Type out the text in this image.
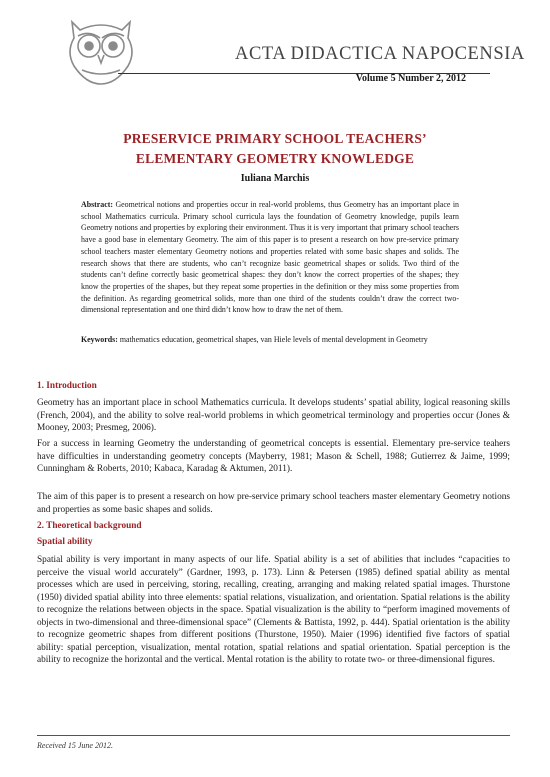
ACTA DIDACTICA NAPOCENSIA
Volume 5 Number 2, 2012
PRESERVICE PRIMARY SCHOOL TEACHERS’
ELEMENTARY GEOMETRY KNOWLEDGE
Iuliana Marchis
Abstract: Geometrical notions and properties occur in real-world problems, thus Geometry has an important place in school Mathematics curricula. Primary school curricula lays the foundation of Geometry knowledge, pupils learn Geometry notions and properties by exploring their environment. Thus it is very important that primary school teachers have a good base in elementary Geometry. The aim of this paper is to present a research on how pre-service primary school teachers master elementary Geometry notions and properties related with some basic shapes and solids. The research shows that there are students, who can’t recognize basic geometrical shapes or solids. Two third of the students can’t define correctly basic geometrical shapes: they don’t know the correct properties of the shapes; they know the properties of the shapes, but they repeat some properties in the definition or they miss some properties from the definition. As regarding geometrical solids, more than one third of the students couldn’t draw the correct two-dimensional representation and one third didn’t know how to draw the net of them.
Keywords: mathematics education, geometrical shapes, van Hiele levels of mental development in Geometry
1. Introduction
Geometry has an important place in school Mathematics curricula. It develops students’ spatial ability, logical reasoning skills (French, 2004), and the ability to solve real-world problems in which geometrical terminology and properties occur (Jones & Mooney, 2003; Presmeg, 2006).
For a success in learning Geometry the understanding of geometrical concepts is essential. Elementary pre-service teahers have difficulties in understanding geometry concepts (Mayberry, 1981; Mason & Schell, 1988; Gutierrez & Jaime, 1999; Cunningham & Roberts, 2010; Kabaca, Karadag & Aktumen, 2011).
The aim of this paper is to present a research on how pre-service primary school teachers master elementary Geometry notions and properties as some basic shapes and solids.
2. Theoretical background
Spatial ability
Spatial ability is very important in many aspects of our life. Spatial ability is a set of abilities that includes “capacities to perceive the visual world accurately” (Gardner, 1993, p. 173). Linn & Petersen (1985) defined spatial ability as mental processes which are used in perceiving, storing, recalling, creating, arranging and making related spatial images. Thurstone (1950) divided spatial ability into three elements: spatial relations, visualization, and orientation. Spatial relations is the ability to recognize the relations between objects in the space. Spatial visualization is the ability to “perform imagined movements of objects in two-dimensional and three-dimensional space” (Clements & Battista, 1992, p. 444). Spatial orientation is the ability to recognize geometric shapes from different positions (Thurstone, 1950). Maier (1996) identified five factors of spatial ability: spatial perception, visualization, mental rotation, spatial relations and spatial orientation. Spatial perception is the ability to recognize the horizontal and the vertical. Mental rotation is the ability to rotate two- or three-dimensional figures.
Received 15 June 2012.
